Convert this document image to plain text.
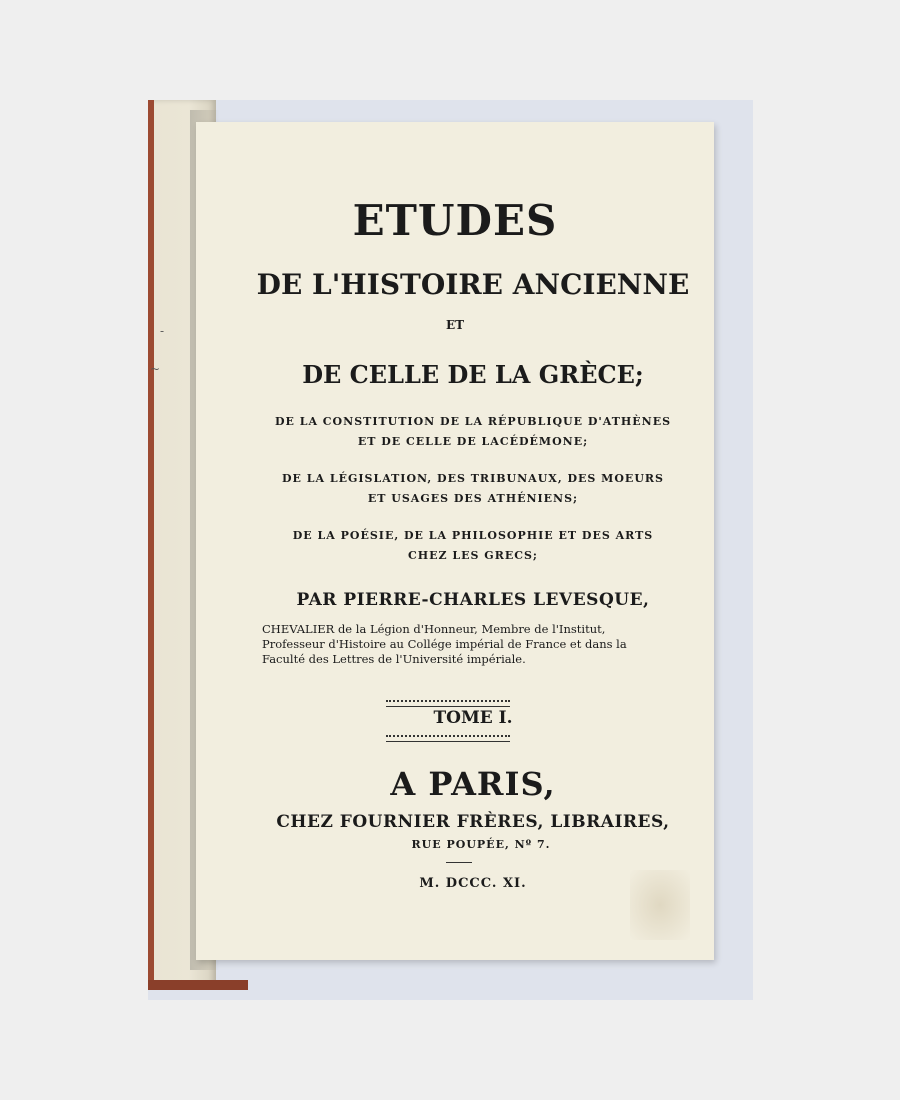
-
~
ETUDES
DE L'HISTOIRE ANCIENNE
ET
DE CELLE DE LA GRÈCE;
DE LA CONSTITUTION DE LA RÉPUBLIQUE D'ATHÈNES
ET DE CELLE DE LACÉDÉMONE;
DE LA LÉGISLATION, DES TRIBUNAUX, DES MOEURS
ET USAGES DES ATHÉNIENS;
DE LA POÉSIE, DE LA PHILOSOPHIE ET DES ARTS
CHEZ LES GRECS;
PAR PIERRE-CHARLES LEVESQUE,
CHEVALIER de la Légion d'Honneur, Membre de l'Institut, Professeur d'Histoire au Collége impérial de France et dans la Faculté des Lettres de l'Université impériale.
TOME I.
A PARIS,
CHEZ FOURNIER FRÈRES, LIBRAIRES,
RUE POUPÉE, Nº 7.
M. DCCC. XI.
